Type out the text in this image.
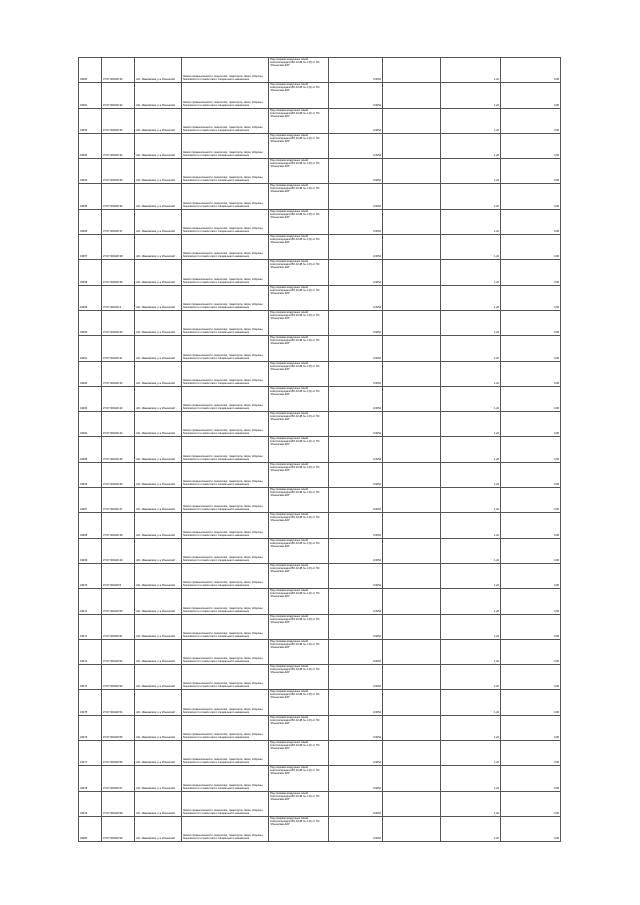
34450	37:07:000220:34	обл. Ивановская, р-н Ильинский	Земли промышленности, энергетики, транспорта, связи, обороны, безопасности и земли иного специального назначения	Под опорами воздушных линий электропередачи ВЛ-10 кВ № 1 (0) от ПС "Ильинская-220"	0,0054		1,22	0,06
34451	37:07:000220:32	обл. Ивановская, р-н Ильинский	Земли промышленности, энергетики, транспорта, связи, обороны, безопасности и земли иного специального назначения	Под опорами воздушных линий электропередачи ВЛ-10 кВ № 1 (0) от ПС "Ильинская-220"	0,0054		1,22	0,06
34452	37:07:000220:33	обл. Ивановская, р-н Ильинский	Земли промышленности, энергетики, транспорта, связи, обороны, безопасности и земли иного специального назначения	Под опорами воздушных линий электропередачи ВЛ-10 кВ № 1 (0) от ПС "Ильинская-220"	0,0054		1,22	0,06
34453	37:07:000220:34	обл. Ивановская, р-н Ильинский	Земли промышленности, энергетики, транспорта, связи, обороны, безопасности и земли иного специального назначения	Под опорами воздушных линий электропередачи ВЛ-10 кВ № 1 (0) от ПС "Ильинская-220"	0,0054		1,22	0,06
34454	37:07:000220:35	обл. Ивановская, р-н Ильинский	Земли промышленности, энергетики, транспорта, связи, обороны, безопасности и земли иного специального назначения	Под опорами воздушных линий электропередачи ВЛ-10 кВ № 1 (0) от ПС "Ильинская-220"	0,0054		1,22	0,06
34455	37:07:000220:36	обл. Ивановская, р-н Ильинский	Земли промышленности, энергетики, транспорта, связи, обороны, безопасности и земли иного специального назначения	Под опорами воздушных линий электропередачи ВЛ-10 кВ № 1 (0) от ПС "Ильинская-220"	0,0054		1,22	0,06
34456	37:07:000220:37	обл. Ивановская, р-н Ильинский	Земли промышленности, энергетики, транспорта, связи, обороны, безопасности и земли иного специального назначения	Под опорами воздушных линий электропередачи ВЛ-10 кВ № 1 (0) от ПС "Ильинская-220"	0,0054		1,22	0,06
34457	37:07:000220:38	обл. Ивановская, р-н Ильинский	Земли промышленности, энергетики, транспорта, связи, обороны, безопасности и земли иного специального назначения	Под опорами воздушных линий электропередачи ВЛ-10 кВ № 1 (0) от ПС "Ильинская-220"	0,0054		1,22	0,06
34458	37:07:000220:39	обл. Ивановская, р-н Ильинский	Земли промышленности, энергетики, транспорта, связи, обороны, безопасности и земли иного специального назначения	Под опорами воздушных линий электропередачи ВЛ-10 кВ № 1 (0) от ПС "Ильинская-220"	0,0054		1,22	0,06
34459	37:07:000220:4	обл. Ивановская, р-н Ильинский	Земли промышленности, энергетики, транспорта, связи, обороны, безопасности и земли иного специального назначения	Под опорами воздушных линий электропередачи ВЛ-10 кВ № 1 (0) от ПС "Ильинская-220"	0,0054		1,22	0,06
34460	37:07:000220:40	обл. Ивановская, р-н Ильинский	Земли промышленности, энергетики, транспорта, связи, обороны, безопасности и земли иного специального назначения	Под опорами воздушных линий электропередачи ВЛ-10 кВ № 1 (0) от ПС "Ильинская-220"	0,0054		1,22	0,06
34461	37:07:000220:41	обл. Ивановская, р-н Ильинский	Земли промышленности, энергетики, транспорта, связи, обороны, безопасности и земли иного специального назначения	Под опорами воздушных линий электропередачи ВЛ-10 кВ № 1 (0) от ПС "Ильинская-220"	0,0054		1,22	0,06
34462	37:07:000220:42	обл. Ивановская, р-н Ильинский	Земли промышленности, энергетики, транспорта, связи, обороны, безопасности и земли иного специального назначения	Под опорами воздушных линий электропередачи ВЛ-10 кВ № 1 (0) от ПС "Ильинская-220"	0,0054		1,22	0,06
34463	37:07:000220:43	обл. Ивановская, р-н Ильинский	Земли промышленности, энергетики, транспорта, связи, обороны, безопасности и земли иного специального назначения	Под опорами воздушных линий электропередачи ВЛ-10 кВ № 1 (0) от ПС "Ильинская-220"	0,0054		1,22	0,06
34464	37:07:000220:44	обл. Ивановская, р-н Ильинский	Земли промышленности, энергетики, транспорта, связи, обороны, безопасности и земли иного специального назначения	Под опорами воздушных линий электропередачи ВЛ-10 кВ № 1 (0) от ПС "Ильинская-220"	0,0054		1,22	0,06
34465	37:07:000220:45	обл. Ивановская, р-н Ильинский	Земли промышленности, энергетики, транспорта, связи, обороны, безопасности и земли иного специального назначения	Под опорами воздушных линий электропередачи ВЛ-10 кВ № 1 (0) от ПС "Ильинская-220"	0,0054		1,22	0,06
34466	37:07:000220:46	обл. Ивановская, р-н Ильинский	Земли промышленности, энергетики, транспорта, связи, обороны, безопасности и земли иного специального назначения	Под опорами воздушных линий электропередачи ВЛ-10 кВ № 1 (0) от ПС "Ильинская-220"	0,0054		1,22	0,06
34467	37:07:000220:47	обл. Ивановская, р-н Ильинский	Земли промышленности, энергетики, транспорта, связи, обороны, безопасности и земли иного специального назначения	Под опорами воздушных линий электропередачи ВЛ-10 кВ № 1 (0) от ПС "Ильинская-220"	0,0054		1,22	0,06
34468	37:07:000220:48	обл. Ивановская, р-н Ильинский	Земли промышленности, энергетики, транспорта, связи, обороны, безопасности и земли иного специального назначения	Под опорами воздушных линий электропередачи ВЛ-10 кВ № 1 (0) от ПС "Ильинская-220"	0,0054		1,22	0,06
34469	37:07:000220:49	обл. Ивановская, р-н Ильинский	Земли промышленности, энергетики, транспорта, связи, обороны, безопасности и земли иного специального назначения	Под опорами воздушных линий электропередачи ВЛ-10 кВ № 1 (0) от ПС "Ильинская-220"	0,0054		1,22	0,06
34470	37:07:000220:5	обл. Ивановская, р-н Ильинский	Земли промышленности, энергетики, транспорта, связи, обороны, безопасности и земли иного специального назначения	Под опорами воздушных линий электропередачи ВЛ-10 кВ № 1 (0) от ПС "Ильинская-220"	0,0054		1,22	0,06
34471	37:07:000220:50	обл. Ивановская, р-н Ильинский	Земли промышленности, энергетики, транспорта, связи, обороны, безопасности и земли иного специального назначения	Под опорами воздушных линий электропередачи ВЛ-10 кВ № 1 (0) от ПС "Ильинская-220"	0,0054		1,22	0,06
34472	37:07:000220:51	обл. Ивановская, р-н Ильинский	Земли промышленности, энергетики, транспорта, связи, обороны, безопасности и земли иного специального назначения	Под опорами воздушных линий электропередачи ВЛ-10 кВ № 1 (0) от ПС "Ильинская-220"	0,0054		1,22	0,06
34473	37:07:000220:52	обл. Ивановская, р-н Ильинский	Земли промышленности, энергетики, транспорта, связи, обороны, безопасности и земли иного специального назначения	Под опорами воздушных линий электропередачи ВЛ-10 кВ № 1 (0) от ПС "Ильинская-220"	0,0054		1,22	0,06
34474	37:07:000220:53	обл. Ивановская, р-н Ильинский	Земли промышленности, энергетики, транспорта, связи, обороны, безопасности и земли иного специального назначения	Под опорами воздушных линий электропередачи ВЛ-10 кВ № 1 (0) от ПС "Ильинская-220"	0,0054		1,22	0,06
34475	37:07:000220:54	обл. Ивановская, р-н Ильинский	Земли промышленности, энергетики, транспорта, связи, обороны, безопасности и земли иного специального назначения	Под опорами воздушных линий электропередачи ВЛ-10 кВ № 1 (0) от ПС "Ильинская-220"	0,0054		1,22	0,06
34476	37:07:000220:55	обл. Ивановская, р-н Ильинский	Земли промышленности, энергетики, транспорта, связи, обороны, безопасности и земли иного специального назначения	Под опорами воздушных линий электропередачи ВЛ-10 кВ № 1 (0) от ПС "Ильинская-220"	0,0054		1,22	0,06
34477	37:07:000220:56	обл. Ивановская, р-н Ильинский	Земли промышленности, энергетики, транспорта, связи, обороны, безопасности и земли иного специального назначения	Под опорами воздушных линий электропередачи ВЛ-10 кВ № 1 (0) от ПС "Ильинская-220"	0,0054		1,22	0,06
34478	37:07:000220:57	обл. Ивановская, р-н Ильинский	Земли промышленности, энергетики, транспорта, связи, обороны, безопасности и земли иного специального назначения	Под опорами воздушных линий электропередачи ВЛ-10 кВ № 1 (0) от ПС "Ильинская-220"	0,0054		1,22	0,06
34479	37:07:000220:58	обл. Ивановская, р-н Ильинский	Земли промышленности, энергетики, транспорта, связи, обороны, безопасности и земли иного специального назначения	Под опорами воздушных линий электропередачи ВЛ-10 кВ № 1 (0) от ПС "Ильинская-220"	0,0054		1,22	0,06
34480	37:07:000220:59	обл. Ивановская, р-н Ильинский	Земли промышленности, энергетики, транспорта, связи, обороны, безопасности и земли иного специального назначения	Под опорами воздушных линий электропередачи ВЛ-10 кВ № 1 (0) от ПС "Ильинская-220"	0,0054		1,22	0,06
